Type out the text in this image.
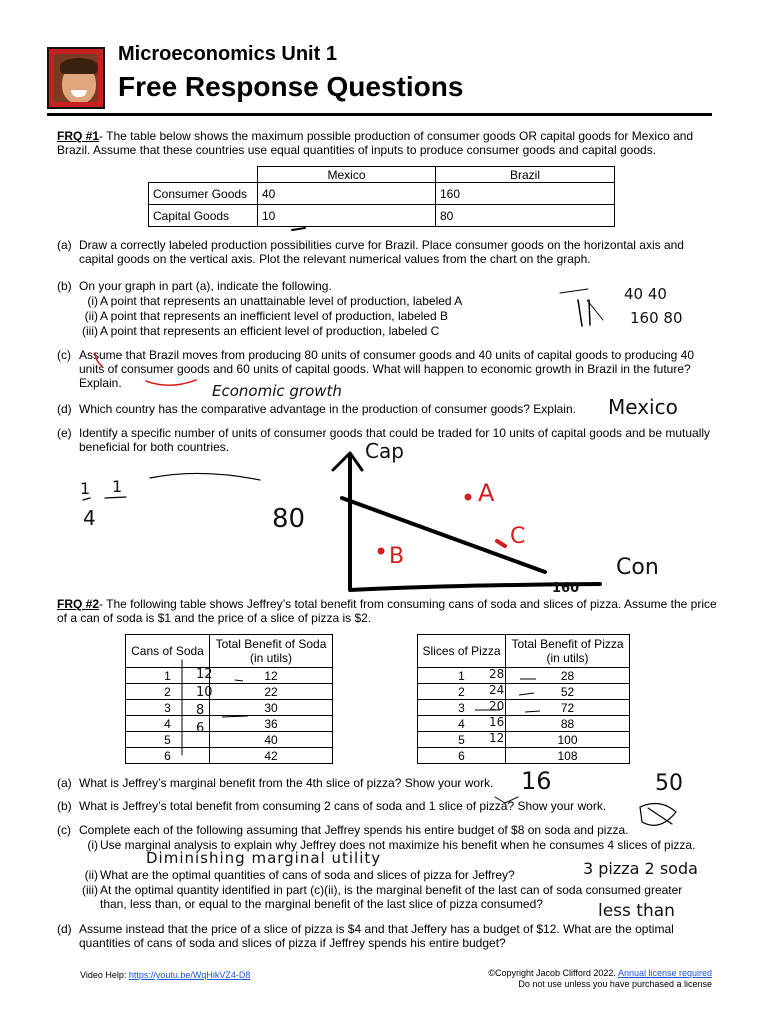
Microeconomics Unit 1
Free Response Questions
FRQ #1- The table below shows the maximum possible production of consumer goods OR capital goods for Mexico and Brazil. Assume that these countries use equal quantities of inputs to produce consumer goods and capital goods.
	Mexico	Brazil
Consumer Goods	40	160
Capital Goods	10	80
(a) Draw a correctly labeled production possibilities curve for Brazil. Place consumer goods on the horizontal axis and capital goods on the vertical axis. Plot the relevant numerical values from the chart on the graph.
(b) On your graph in part (a), indicate the following.
(i) A point that represents an unattainable level of production, labeled A
(ii) A point that represents an inefficient level of production, labeled B
(iii) A point that represents an efficient level of production, labeled C
(c) Assume that Brazil moves from producing 80 units of consumer goods and 40 units of capital goods to producing 40 units of consumer goods and 60 units of capital goods. What will happen to economic growth in Brazil in the future? Explain.
(d) Which country has the comparative advantage in the production of consumer goods? Explain.
(e) Identify a specific number of units of consumer goods that could be traded for 10 units of capital goods and be mutually beneficial for both countries.
FRQ #2- The following table shows Jeffrey’s total benefit from consuming cans of soda and slices of pizza. Assume the price of a can of soda is $1 and the price of a slice of pizza is $2.
Cans of Soda	Total Benefit of Soda (in utils)
1	12
2	22
3	30
4	36
5	40
6	42
Slices of Pizza	Total Benefit of Pizza (in utils)
1	28
2	52
3	72
4	88
5	100
6	108
(a) What is Jeffrey’s marginal benefit from the 4th slice of pizza? Show your work.
(b) What is Jeffrey’s total benefit from consuming 2 cans of soda and 1 slice of pizza? Show your work.
(c) Complete each of the following assuming that Jeffrey spends his entire budget of $8 on soda and pizza.
(i) Use marginal analysis to explain why Jeffrey does not maximize his benefit when he consumes 4 slices of pizza.
(ii) What are the optimal quantities of cans of soda and slices of pizza for Jeffrey?
(iii) At the optimal quantity identified in part (c)(ii), is the marginal benefit of the last can of soda consumed greater than, less than, or equal to the marginal benefit of the last slice of pizza consumed?
(d) Assume instead that the price of a slice of pizza is $4 and that Jeffery has a budget of $12. What are the optimal quantities of cans of soda and slices of pizza if Jeffrey spends his entire budget?
Cap
Con
80
160
A
B
C
Economic growth
Mexico
40 40
160 80
1 1
4
16	50
Diminishing marginal utility
3 pizza 2 soda
less than
12
10
8
6
28
24
20
16
12
Video Help: https://youtu.be/WqHikVZ4-D8	©Copyright Jacob Clifford 2022. Annual license required
Do not use unless you have purchased a license
